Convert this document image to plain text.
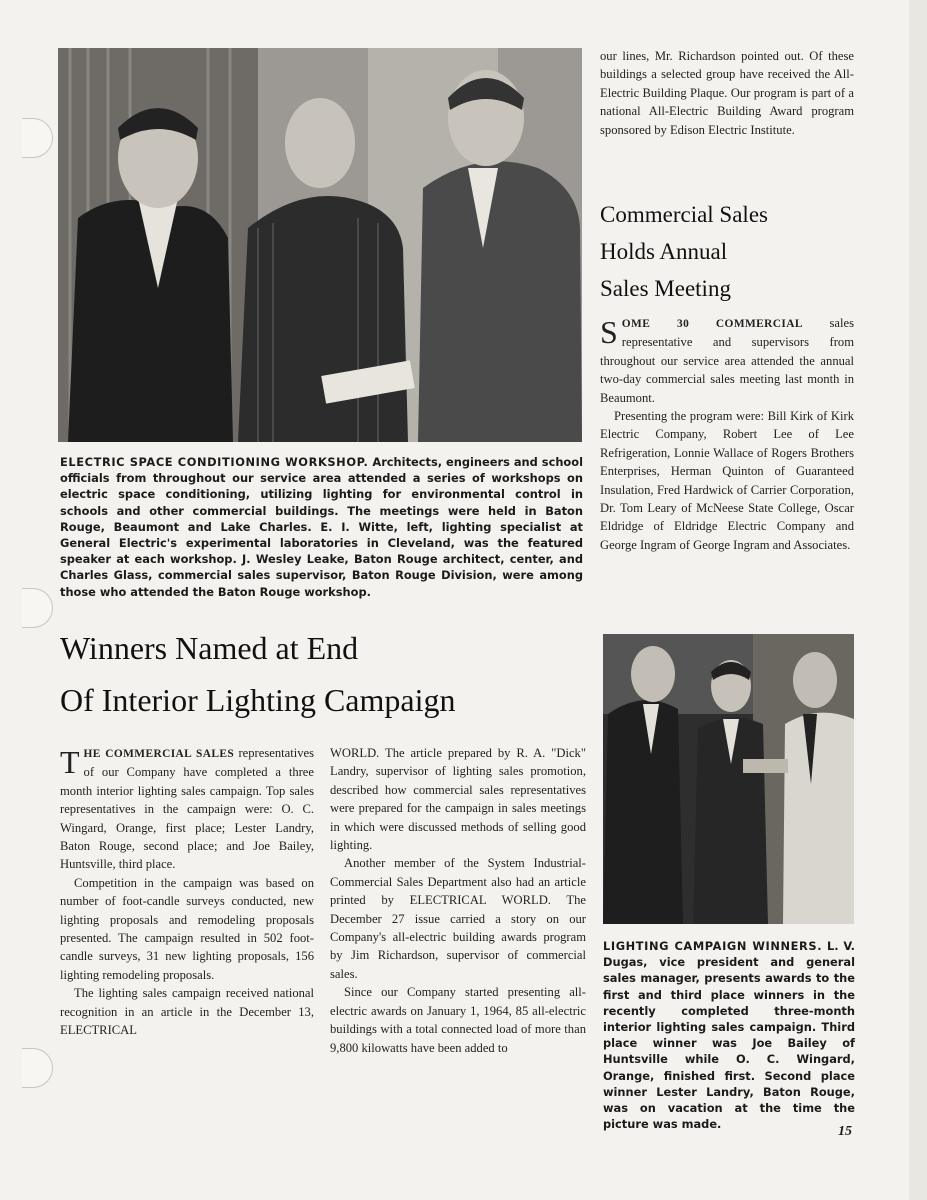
ELECTRIC SPACE CONDITIONING WORKSHOP. Architects, engineers and school officials from throughout our service area attended a series of workshops on electric space conditioning, utilizing lighting for environmental control in schools and other commercial buildings. The meetings were held in Baton Rouge, Beaumont and Lake Charles. E. I. Witte, left, lighting specialist at General Electric's experimental laboratories in Cleveland, was the featured speaker at each workshop. J. Wesley Leake, Baton Rouge architect, center, and Charles Glass, commercial sales supervisor, Baton Rouge Division, were among those who attended the Baton Rouge workshop.

our lines, Mr. Richardson pointed out. Of these buildings a selected group have received the All-Electric Building Plaque. Our program is part of a national All-Electric Building Award program sponsored by Edison Electric Institute.

Commercial Sales
Holds Annual
Sales Meeting

SOME 30 COMMERCIAL sales representative and supervisors from throughout our service area attended the annual two-day commercial sales meeting last month in Beaumont.

Presenting the program were: Bill Kirk of Kirk Electric Company, Robert Lee of Lee Refrigeration, Lonnie Wallace of Rogers Brothers Enterprises, Herman Quinton of Guaranteed Insulation, Fred Hardwick of Carrier Corporation, Dr. Tom Leary of McNeese State College, Oscar Eldridge of Eldridge Electric Company and George Ingram of George Ingram and Associates.

Winners Named at End
Of Interior Lighting Campaign

THE COMMERCIAL SALES representatives of our Company have completed a three month interior lighting sales campaign. Top sales representatives in the campaign were: O. C. Wingard, Orange, first place; Lester Landry, Baton Rouge, second place; and Joe Bailey, Huntsville, third place.

Competition in the campaign was based on number of foot-candle surveys conducted, new lighting proposals and remodeling proposals presented. The campaign resulted in 502 foot-candle surveys, 31 new lighting proposals, 156 lighting remodeling proposals.

The lighting sales campaign received national recognition in an article in the December 13, ELECTRICAL

WORLD. The article prepared by R. A. "Dick" Landry, supervisor of lighting sales promotion, described how commercial sales representatives were prepared for the campaign in sales meetings in which were discussed methods of selling good lighting.

Another member of the System Industrial-Commercial Sales Department also had an article printed by ELECTRICAL WORLD. The December 27 issue carried a story on our Company's all-electric building awards program by Jim Richardson, supervisor of commercial sales.

Since our Company started presenting all-electric awards on January 1, 1964, 85 all-electric buildings with a total connected load of more than 9,800 kilowatts have been added to

LIGHTING CAMPAIGN WINNERS. L. V. Dugas, vice president and general sales manager, presents awards to the first and third place winners in the recently completed three-month interior lighting sales campaign. Third place winner was Joe Bailey of Huntsville while O. C. Wingard, Orange, finished first. Second place winner Lester Landry, Baton Rouge, was on vacation at the time the picture was made.	15
